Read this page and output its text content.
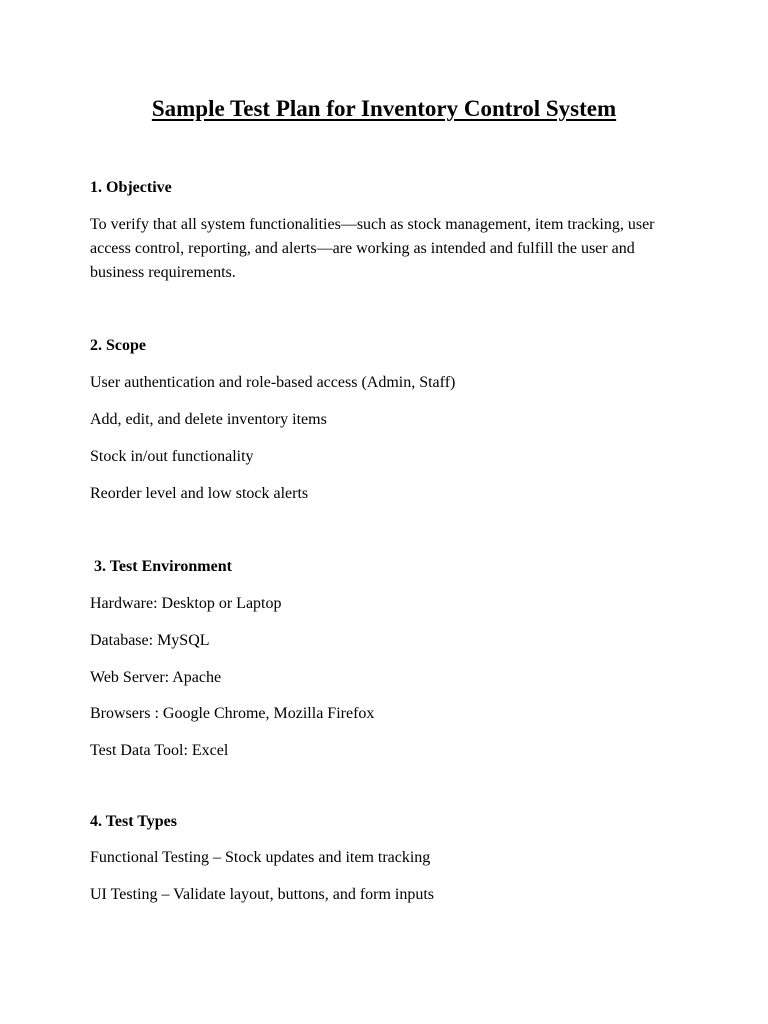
Sample Test Plan for Inventory Control System
1. Objective
To verify that all system functionalities—such as stock management, item tracking, user access control, reporting, and alerts—are working as intended and fulfill the user and business requirements.
2. Scope
User authentication and role-based access (Admin, Staff)
Add, edit, and delete inventory items
Stock in/out functionality
Reorder level and low stock alerts
3. Test Environment
Hardware: Desktop or Laptop
Database: MySQL
Web Server: Apache
Browsers : Google Chrome, Mozilla Firefox
Test Data Tool: Excel
4. Test Types
Functional Testing – Stock updates and item tracking
UI Testing – Validate layout, buttons, and form inputs
